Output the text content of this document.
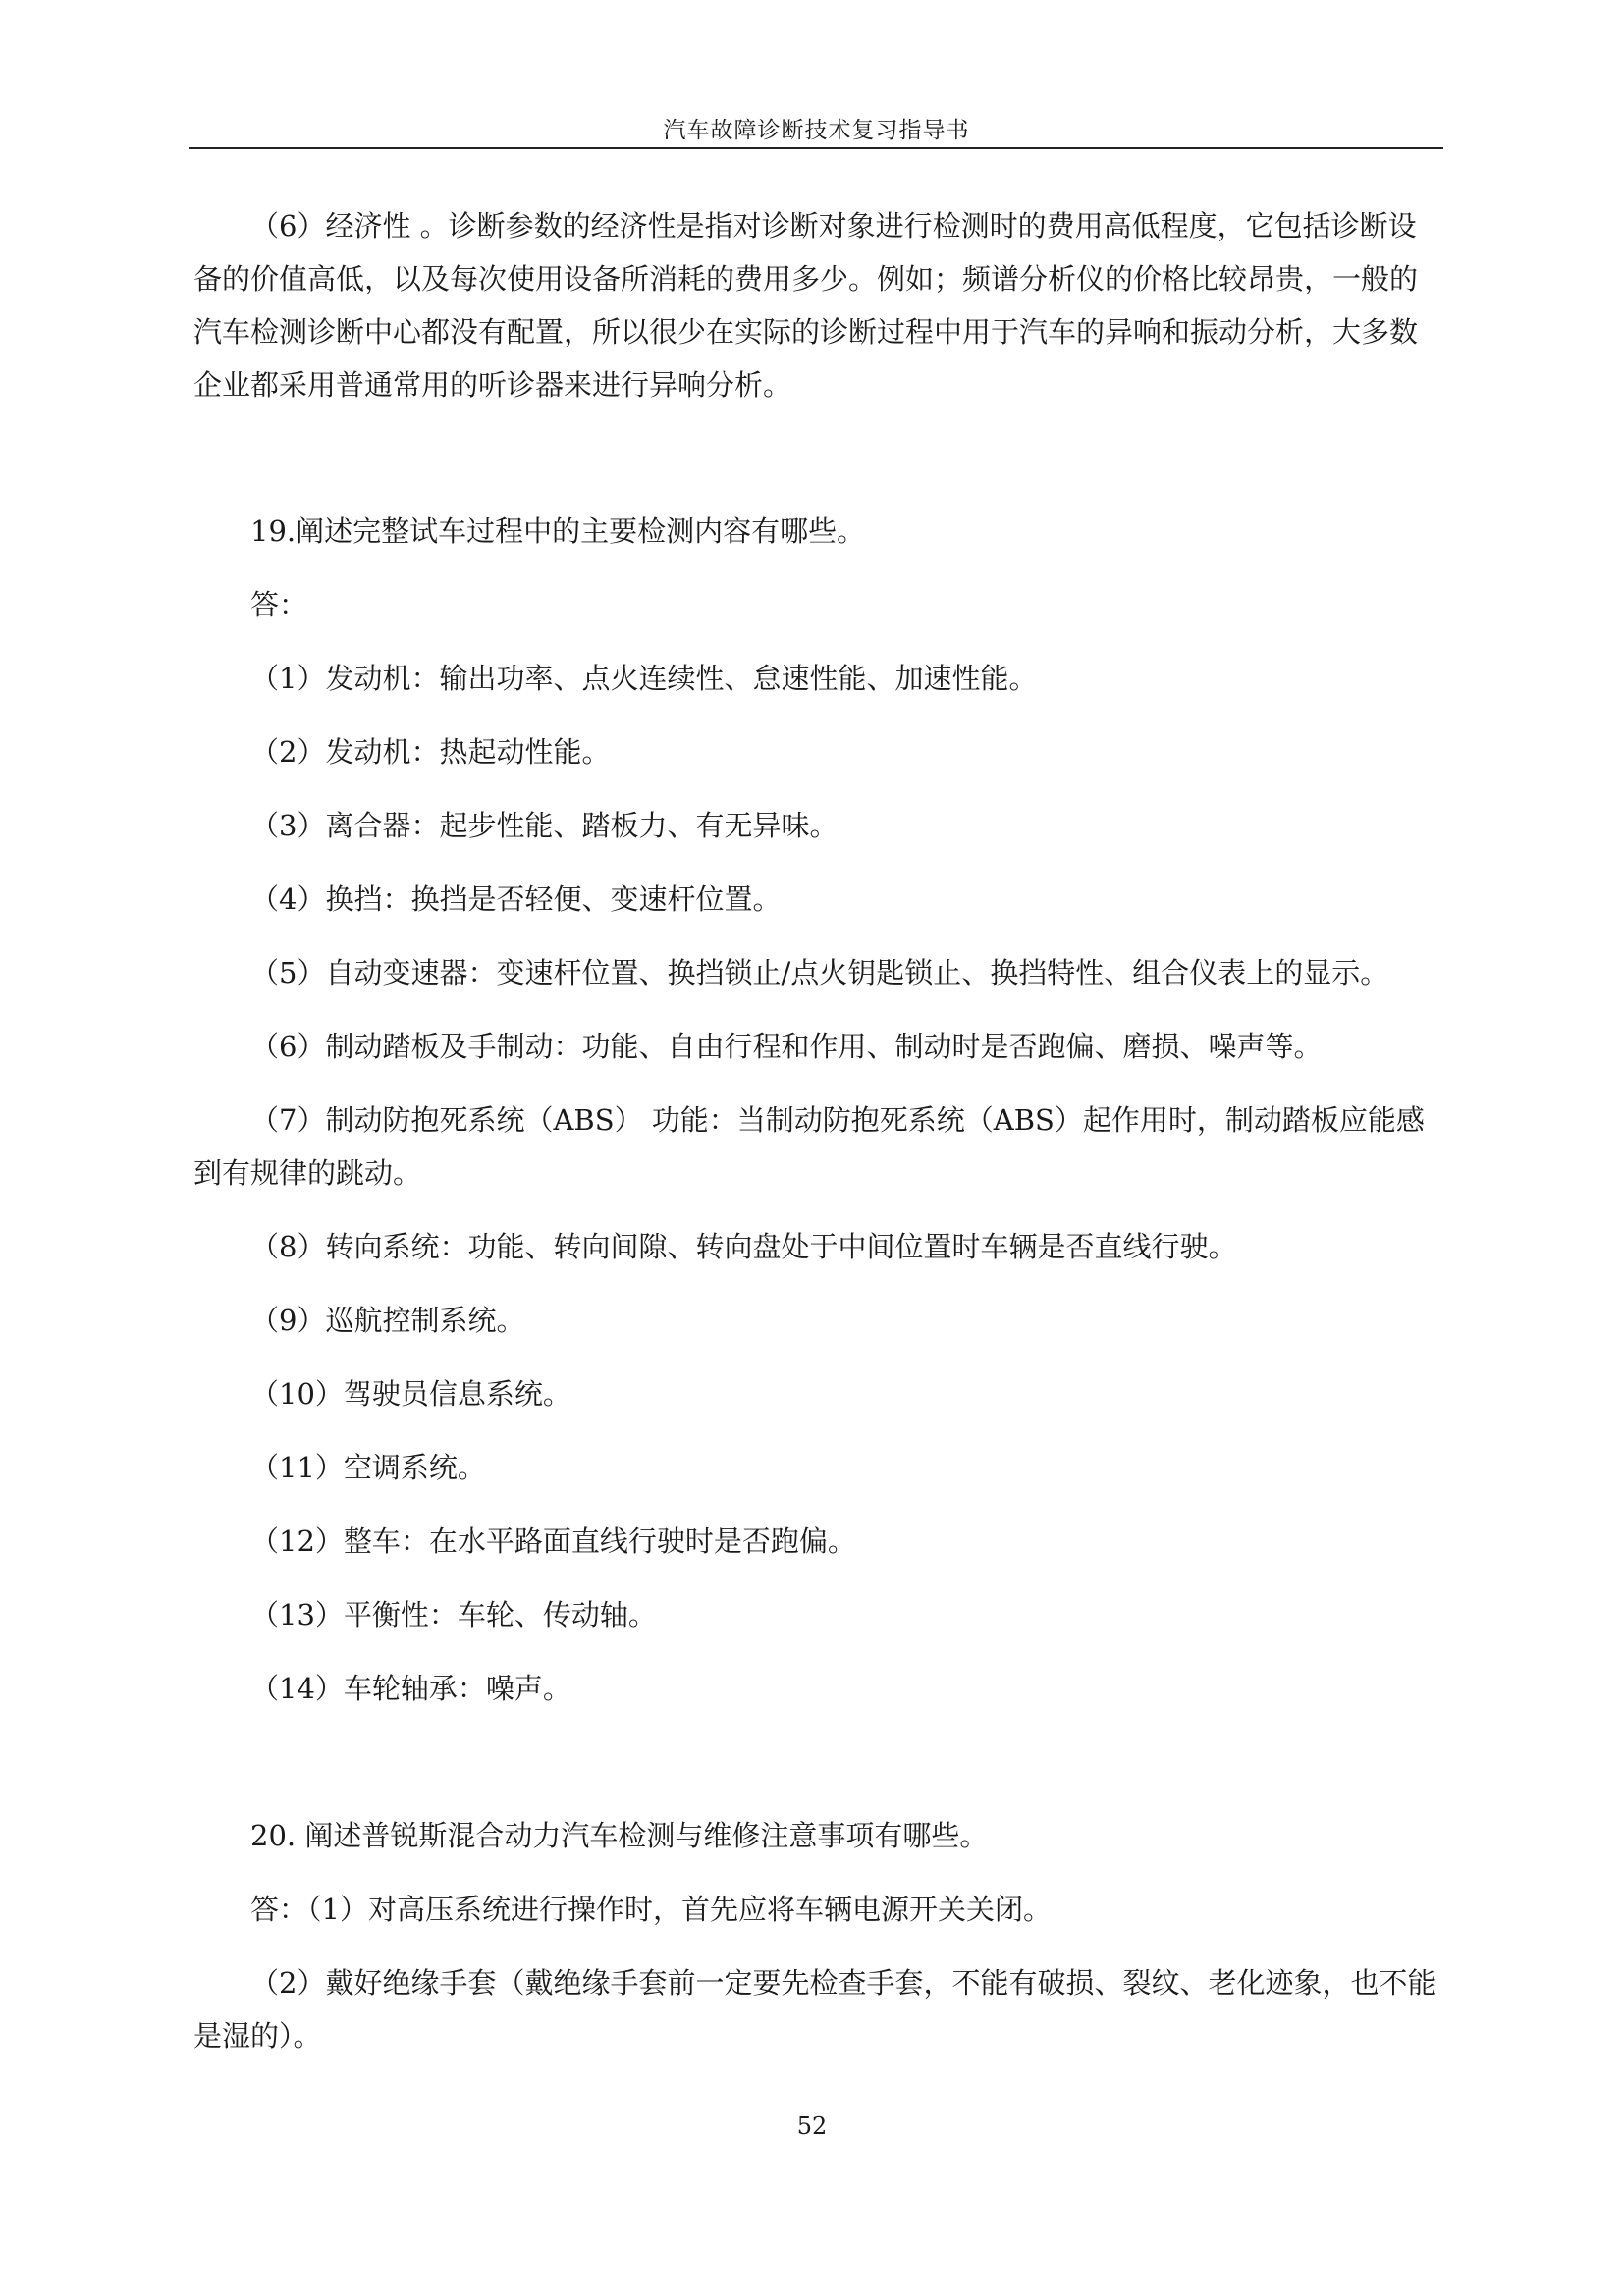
汽车故障诊断技术复习指导书

（6）经济性 。诊断参数的经济性是指对诊断对象进行检测时的费用高低程度，它包括诊断设备的价值高低，以及每次使用设备所消耗的费用多少。例如；频谱分析仪的价格比较昂贵，一般的汽车检测诊断中心都没有配置，所以很少在实际的诊断过程中用于汽车的异响和振动分析，大多数企业都采用普通常用的听诊器来进行异响分析。

19.阐述完整试车过程中的主要检测内容有哪些。

答：

（1）发动机：输出功率、点火连续性、怠速性能、加速性能。

（2）发动机：热起动性能。

（3）离合器：起步性能、踏板力、有无异味。

（4）换挡：换挡是否轻便、变速杆位置。

（5）自动变速器：变速杆位置、换挡锁止/点火钥匙锁止、换挡特性、组合仪表上的显示。

（6）制动踏板及手制动：功能、自由行程和作用、制动时是否跑偏、磨损、噪声等。

（7）制动防抱死系统（ABS） 功能：当制动防抱死系统（ABS）起作用时，制动踏板应能感到有规律的跳动。

（8）转向系统：功能、转向间隙、转向盘处于中间位置时车辆是否直线行驶。

（9）巡航控制系统。

（10）驾驶员信息系统。

（11）空调系统。

（12）整车：在水平路面直线行驶时是否跑偏。

（13）平衡性：车轮、传动轴。

（14）车轮轴承：噪声。

20. 阐述普锐斯混合动力汽车检测与维修注意事项有哪些。

答：（1）对高压系统进行操作时，首先应将车辆电源开关关闭。

（2）戴好绝缘手套（戴绝缘手套前一定要先检查手套，不能有破损、裂纹、老化迹象，也不能是湿的）。

52
